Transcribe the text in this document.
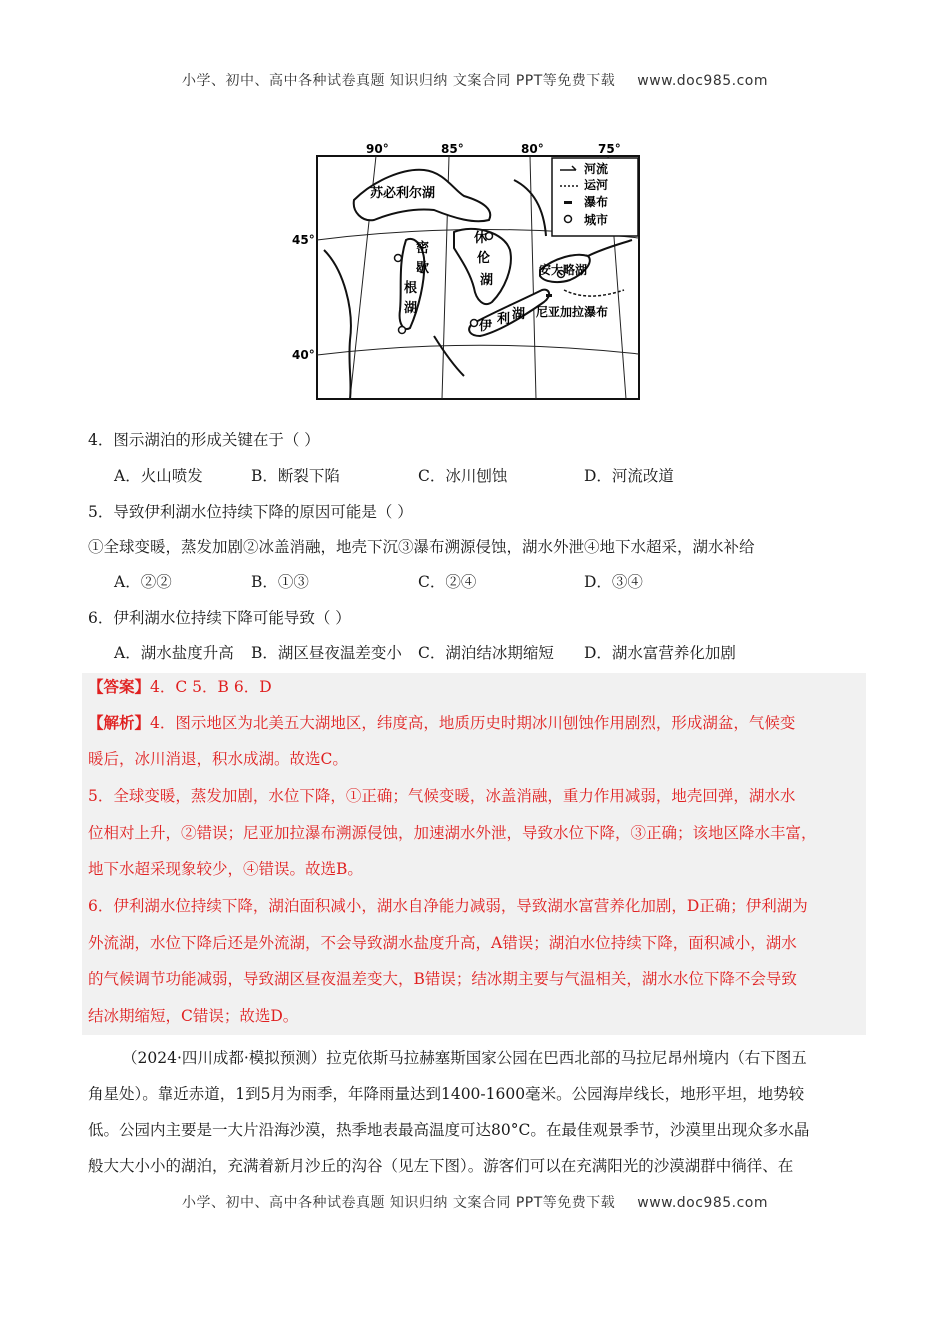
小学、初中、高中各种试卷真题 知识归纳 文案合同 PPT等免费下载 www.doc985.com
河流
运河
瀑布
城市
90°	85°	80°	75°
45°
40°
苏必利尔湖
密
歇
根
湖
休
伦
湖
伊 利 湖
安大略湖
尼亚加拉瀑布
4．图示湖泊的形成关键在于（ ）
A．火山喷发	B．断裂下陷	C．冰川刨蚀	D．河流改道
5．导致伊利湖水位持续下降的原因可能是（ ）
①全球变暖，蒸发加剧②冰盖消融，地壳下沉③瀑布溯源侵蚀，湖水外泄④地下水超采，湖水补给
A．②②	B．①③	C．②④	D．③④
6．伊利湖水位持续下降可能导致（ ）
A．湖水盐度升高 B．湖区昼夜温差变小 C．湖泊结冰期缩短 D．湖水富营养化加剧
【答案】4．C 5．B 6．D
【解析】4．图示地区为北美五大湖地区，纬度高，地质历史时期冰川刨蚀作用剧烈，形成湖盆，气候变
暖后，冰川消退，积水成湖。故选C。
5．全球变暖，蒸发加剧，水位下降，①正确；气候变暖，冰盖消融，重力作用减弱，地壳回弹，湖水水
位相对上升，②错误；尼亚加拉瀑布溯源侵蚀，加速湖水外泄，导致水位下降，③正确；该地区降水丰富，
地下水超采现象较少，④错误。故选B。
6．伊利湖水位持续下降，湖泊面积减小，湖水自净能力减弱，导致湖水富营养化加剧，D正确；伊利湖为
外流湖，水位下降后还是外流湖，不会导致湖水盐度升高，A错误；湖泊水位持续下降，面积减小，湖水
的气候调节功能减弱，导致湖区昼夜温差变大，B错误；结冰期主要与气温相关，湖水水位下降不会导致
结冰期缩短，C错误；故选D。
（2024·四川成都·模拟预测）拉克依斯马拉赫塞斯国家公园在巴西北部的马拉尼昂州境内（右下图五
角星处）。靠近赤道，1到5月为雨季，年降雨量达到1400-1600毫米。公园海岸线长，地形平坦，地势较
低。公园内主要是一大片沿海沙漠，热季地表最高温度可达80°C。在最佳观景季节，沙漠里出现众多水晶
般大大小小的湖泊，充满着新月沙丘的沟谷（见左下图）。游客们可以在充满阳光的沙漠湖群中徜徉、在
小学、初中、高中各种试卷真题 知识归纳 文案合同 PPT等免费下载 www.doc985.com
